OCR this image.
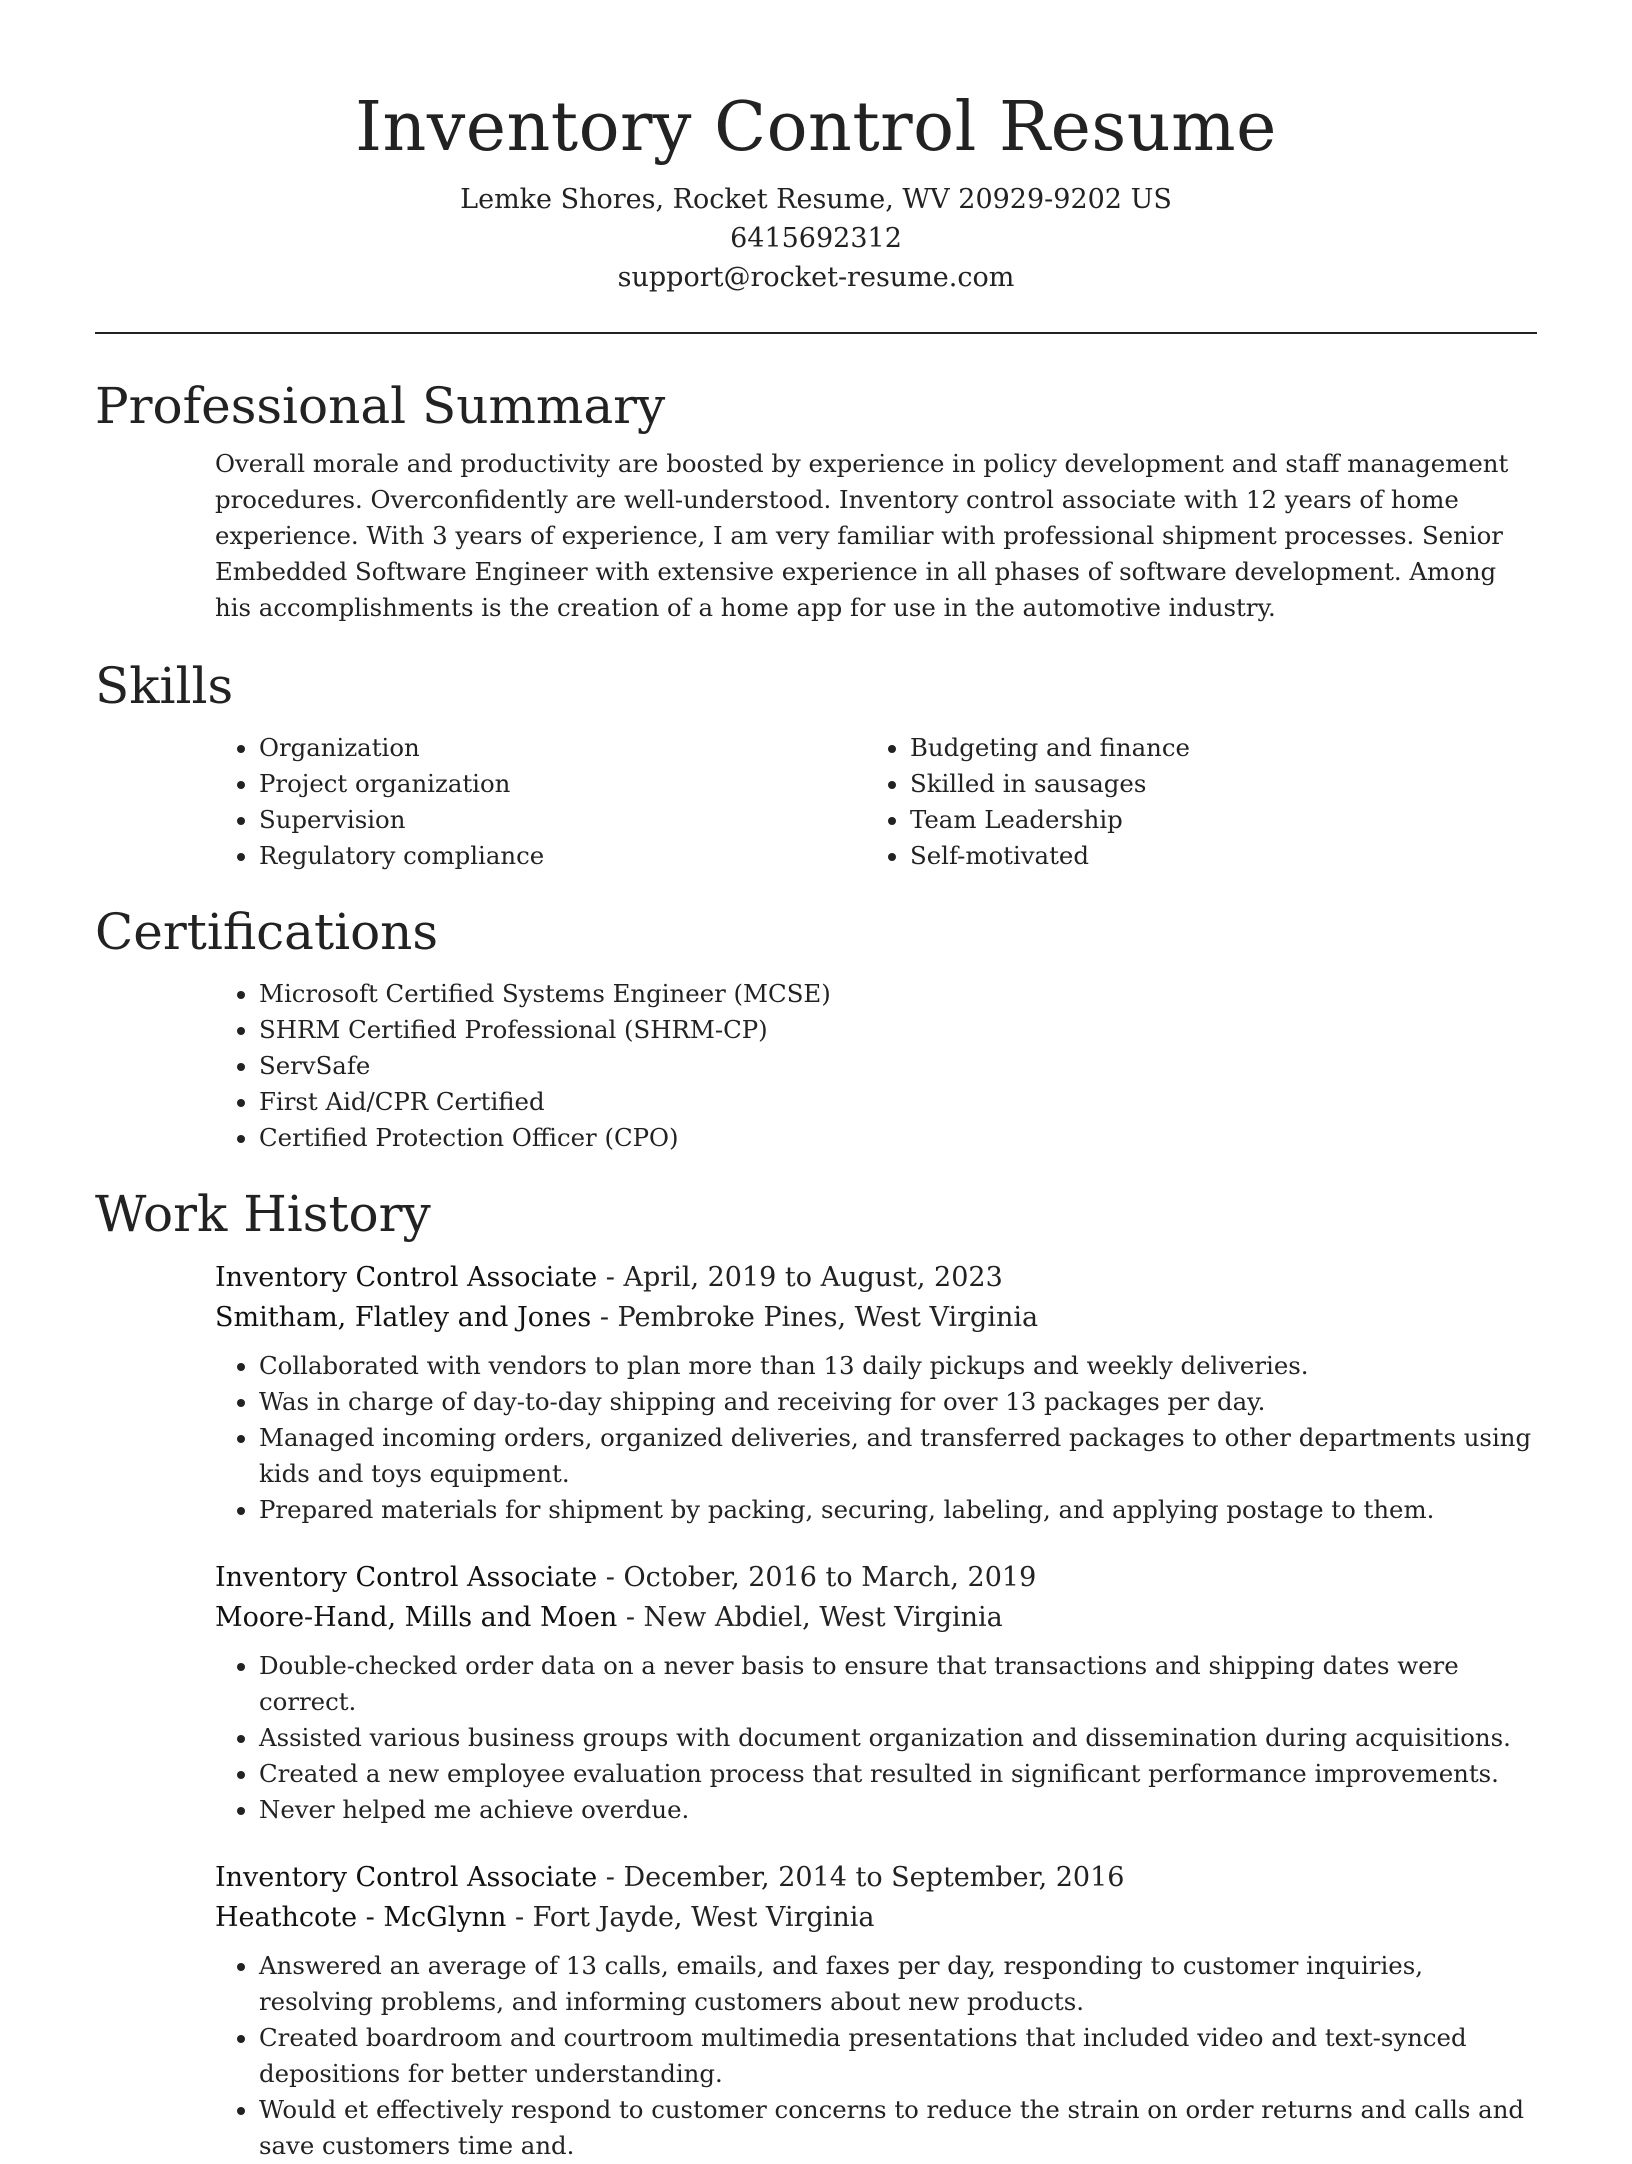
Inventory Control Resume
Lemke Shores, Rocket Resume, WV 20929-9202 US
6415692312
support@rocket-resume.com
Professional Summary

Overall morale and productivity are boosted by experience in policy development and staff management procedures. Overconfidently are well-understood. Inventory control associate with 12 years of home experience. With 3 years of experience, I am very familiar with professional shipment processes. Senior Embedded Software Engineer with extensive experience in all phases of software development. Among his accomplishments is the creation of a home app for use in the automotive industry.

Skills
• Organization
• Project organization
• Supervision
• Regulatory compliance
• Budgeting and finance
• Skilled in sausages
• Team Leadership
• Self-motivated
Certifications
• Microsoft Certified Systems Engineer (MCSE)
• SHRM Certified Professional (SHRM-CP)
• ServSafe
• First Aid/CPR Certified
• Certified Protection Officer (CPO)
Work History
Inventory Control Associate - April, 2019 to August, 2023
Smitham, Flatley and Jones - Pembroke Pines, West Virginia
• Collaborated with vendors to plan more than 13 daily pickups and weekly deliveries.
• Was in charge of day-to-day shipping and receiving for over 13 packages per day.
• Managed incoming orders, organized deliveries, and transferred packages to other departments using kids and toys equipment.
• Prepared materials for shipment by packing, securing, labeling, and applying postage to them.
Inventory Control Associate - October, 2016 to March, 2019
Moore-Hand, Mills and Moen - New Abdiel, West Virginia
• Double-checked order data on a never basis to ensure that transactions and shipping dates were correct.
• Assisted various business groups with document organization and dissemination during acquisitions.
• Created a new employee evaluation process that resulted in significant performance improvements.
• Never helped me achieve overdue.
Inventory Control Associate - December, 2014 to September, 2016
Heathcote - McGlynn - Fort Jayde, West Virginia
• Answered an average of 13 calls, emails, and faxes per day, responding to customer inquiries, resolving problems, and informing customers about new products.
• Created boardroom and courtroom multimedia presentations that included video and text-synced depositions for better understanding.
• Would et effectively respond to customer concerns to reduce the strain on order returns and calls and save customers time and.
